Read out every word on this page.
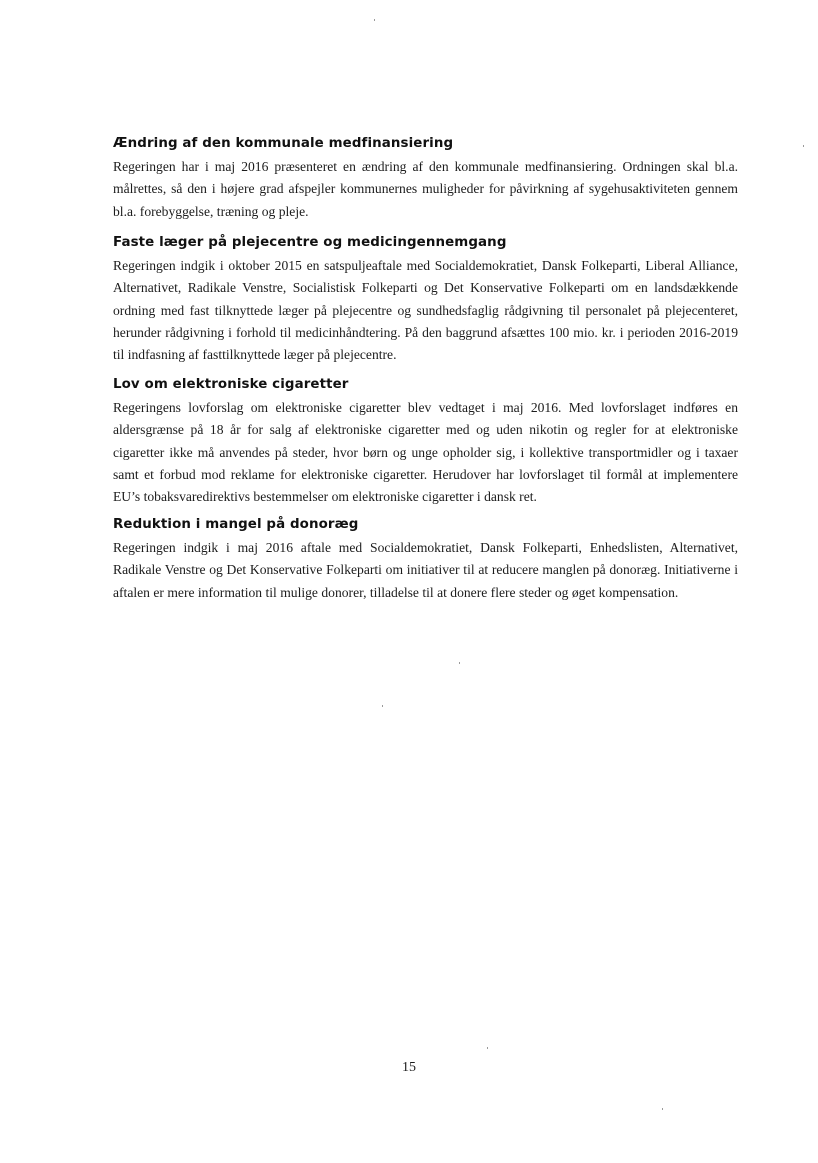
Ændring af den kommunale medfinansiering

Regeringen har i maj 2016 præsenteret en ændring af den kommunale medfinansiering. Ordningen skal bl.a. målrettes, så den i højere grad afspejler kommunernes muligheder for påvirkning af sygehusaktiviteten gennem bl.a. forebyggelse, træning og pleje.

Faste læger på plejecentre og medicingennemgang

Regeringen indgik i oktober 2015 en satspuljeaftale med Socialdemokratiet, Dansk Folkeparti, Liberal Alliance, Alternativet, Radikale Venstre, Socialistisk Folkeparti og Det Konservative Folkeparti om en landsdækkende ordning med fast tilknyttede læger på plejecentre og sundhedsfaglig rådgivning til personalet på plejecenteret, herunder rådgivning i forhold til medicinhåndtering. På den baggrund afsættes 100 mio. kr. i perioden 2016-2019 til indfasning af fasttilknyttede læger på plejecentre.

Lov om elektroniske cigaretter

Regeringens lovforslag om elektroniske cigaretter blev vedtaget i maj 2016. Med lovforslaget indføres en aldersgrænse på 18 år for salg af elektroniske cigaretter med og uden nikotin og regler for at elektroniske cigaretter ikke må anvendes på steder, hvor børn og unge opholder sig, i kollektive transportmidler og i taxaer samt et forbud mod reklame for elektroniske cigaretter. Herudover har lovforslaget til formål at implementere EU’s tobaksvaredirektivs bestemmelser om elektroniske cigaretter i dansk ret.

Reduktion i mangel på donoræg

Regeringen indgik i maj 2016 aftale med Socialdemokratiet, Dansk Folkeparti, Enhedslisten, Alternativet, Radikale Venstre og Det Konservative Folkeparti om initiativer til at reducere manglen på donoræg. Initiativerne i aftalen er mere information til mulige donorer, tilladelse til at donere flere steder og øget kompensation.

15
